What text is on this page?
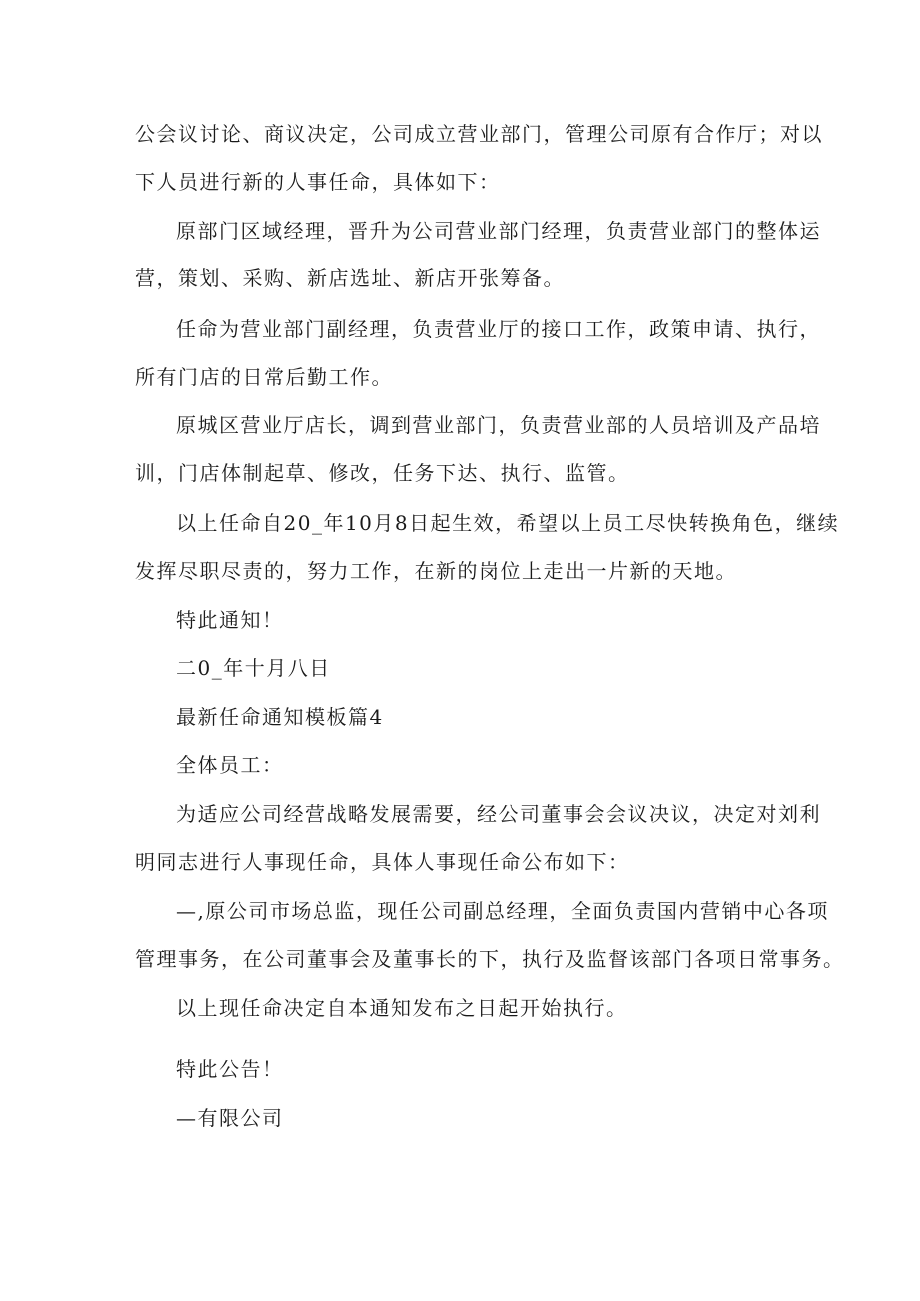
公会议讨论、商议决定，公司成立营业部门，管理公司原有合作厅；对以
下人员进行新的人事任命，具体如下：
原部门区域经理，晋升为公司营业部门经理，负责营业部门的整体运
营，策划、采购、新店选址、新店开张筹备。
任命为营业部门副经理，负责营业厅的接口工作，政策申请、执行，
所有门店的日常后勤工作。
原城区营业厅店长，调到营业部门，负责营业部的人员培训及产品培
训，门店体制起草、修改，任务下达、执行、监管。
以上任命自20_年10月8日起生效，希望以上员工尽快转换角色，继续
发挥尽职尽责的，努力工作，在新的岗位上走出一片新的天地。
特此通知！
二0_年十月八日
最新任命通知模板篇4
全体员工：
为适应公司经营战略发展需要，经公司董事会会议决议，决定对刘利
明同志进行人事现任命，具体人事现任命公布如下：
—,原公司市场总监，现任公司副总经理，全面负责国内营销中心各项
管理事务，在公司董事会及董事长的下，执行及监督该部门各项日常事务。
以上现任命决定自本通知发布之日起开始执行。
特此公告！
—有限公司
